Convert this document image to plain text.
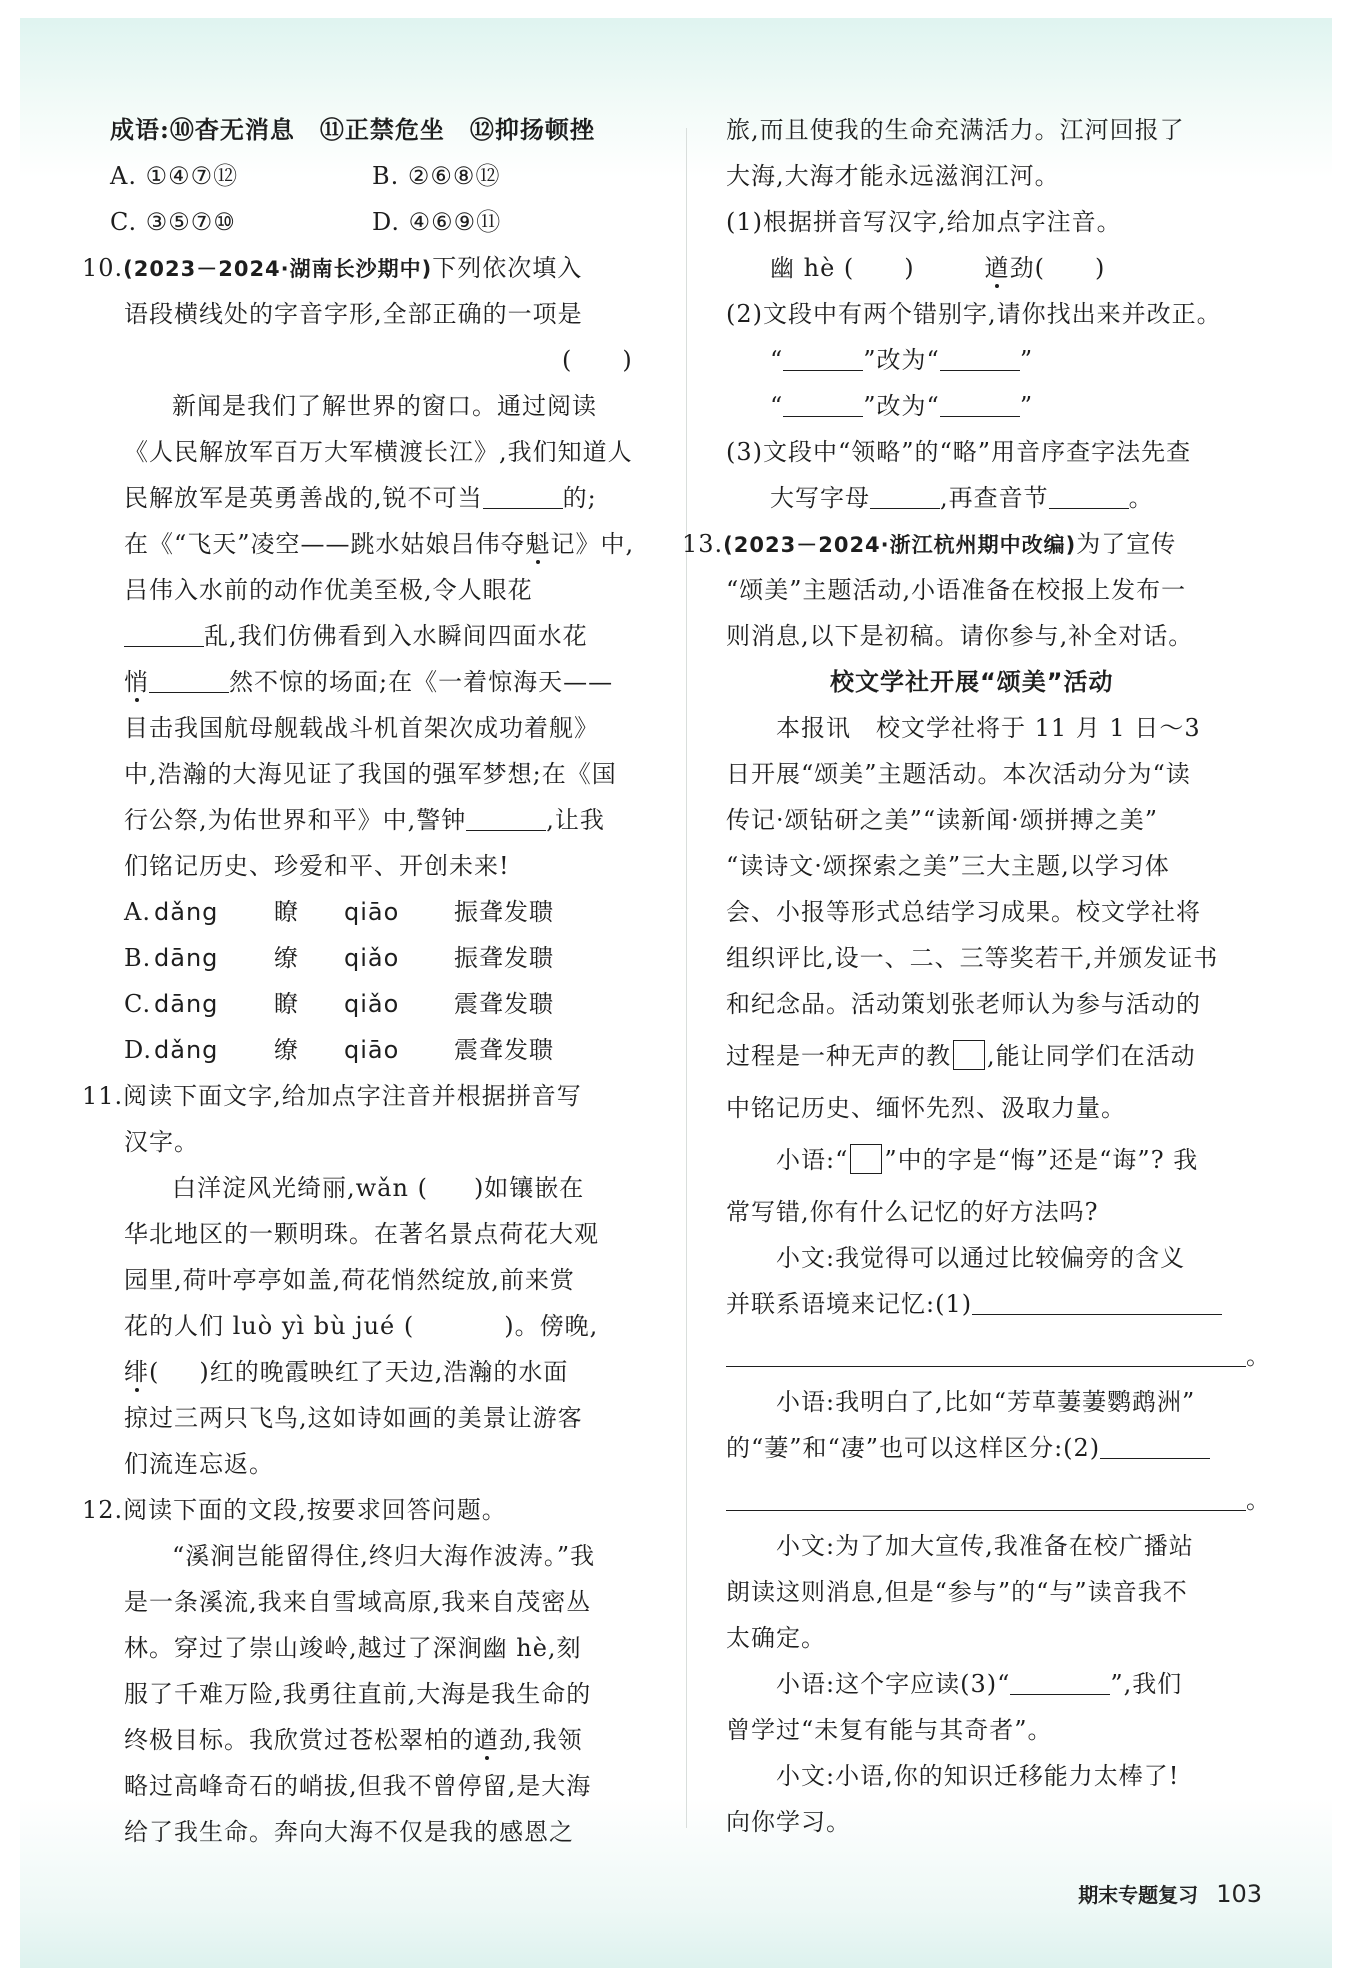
成语:⑩杳无消息　⑪正禁危坐　⑫抑扬顿挫
A. ①④⑦⑫	B. ②⑥⑧⑫
C. ③⑤⑦⑩	D. ④⑥⑨⑪
10.(2023－2024·湖南长沙期中)下列依次填入
语段横线处的字音字形,全部正确的一项是
(　　)
新闻是我们了解世界的窗口。通过阅读
《人民解放军百万大军横渡长江》,我们知道人
民解放军是英勇善战的,锐不可当	的;
在《“飞天”凌空——跳水姑娘吕伟夺魁记》中,
吕伟入水前的动作优美至极,令人眼花
乱,我们仿佛看到入水瞬间四面水花
悄	然不惊的场面;在《一着惊海天——
目击我国航母舰载战斗机首架次成功着舰》
中,浩瀚的大海见证了我国的强军梦想;在《国
行公祭,为佑世界和平》中,警钟	,让我
们铭记历史、珍爱和平、开创未来!
A. dǎng 瞭 qiāo 振聋发聩
B. dāng 缭 qiǎo 振聋发聩
C. dāng 瞭 qiǎo 震聋发聩
D.dǎng 缭 qiāo 震聋发聩
11.阅读下面文字,给加点字注音并根据拼音写
汉字。
白洋淀风光绮丽,wǎn ( )如镶嵌在
华北地区的一颗明珠。在著名景点荷花大观
园里,荷叶亭亭如盖,荷花悄然绽放,前来赏
花的人们 luò yì bù jué (	)。傍晚,
绯( )红的晚霞映红了天边,浩瀚的水面
掠过三两只飞鸟,这如诗如画的美景让游客
们流连忘返。
12.阅读下面的文段,按要求回答问题。
“溪涧岂能留得住,终归大海作波涛。”我
是一条溪流,我来自雪域高原,我来自茂密丛
林。穿过了崇山竣岭,越过了深涧幽 hè,刻
服了千难万险,我勇往直前,大海是我生命的
终极目标。我欣赏过苍松翠柏的遒劲,我领
略过高峰奇石的峭拔,但我不曾停留,是大海
给了我生命。奔向大海不仅是我的感恩之
旅,而且使我的生命充满活力。江河回报了
大海,大海才能永远滋润江河。
(1)根据拼音写汉字,给加点字注音。
幽 hè (　　)	遒劲(　　)
(2)文段中有两个错别字,请你找出来并改正。
“	”改为“	”
“	”改为“	”
(3)文段中“领略”的“略”用音序查字法先查
大写字母	,再查音节	。
13.(2023－2024·浙江杭州期中改编)为了宣传
“颂美”主题活动,小语准备在校报上发布一
则消息,以下是初稿。请你参与,补全对话。
校文学社开展“颂美”活动
本报讯　校文学社将于 11 月 1 日～3
日开展“颂美”主题活动。本次活动分为“读
传记·颂钻研之美”“读新闻·颂拼搏之美”
“读诗文·颂探索之美”三大主题,以学习体
会、小报等形式总结学习成果。校文学社将
组织评比,设一、二、三等奖若干,并颁发证书
和纪念品。活动策划张老师认为参与活动的
过程是一种无声的教 ,能让同学们在活动
中铭记历史、缅怀先烈、汲取力量。
小语:“ ”中的字是“悔”还是“诲”? 我
常写错,你有什么记忆的好方法吗?
小文:我觉得可以通过比较偏旁的含义
并联系语境来记忆:(1)
。
小语:我明白了,比如“芳草萋萋鹦鹉洲”
的“萋”和“凄”也可以这样区分:(2)
。
小文:为了加大宣传,我准备在校广播站
朗读这则消息,但是“参与”的“与”读音我不
太确定。
小语:这个字应读(3)“	”,我们
曾学过“未复有能与其奇者”。
小文:小语,你的知识迁移能力太棒了!
向你学习。
期末专题复习 103
